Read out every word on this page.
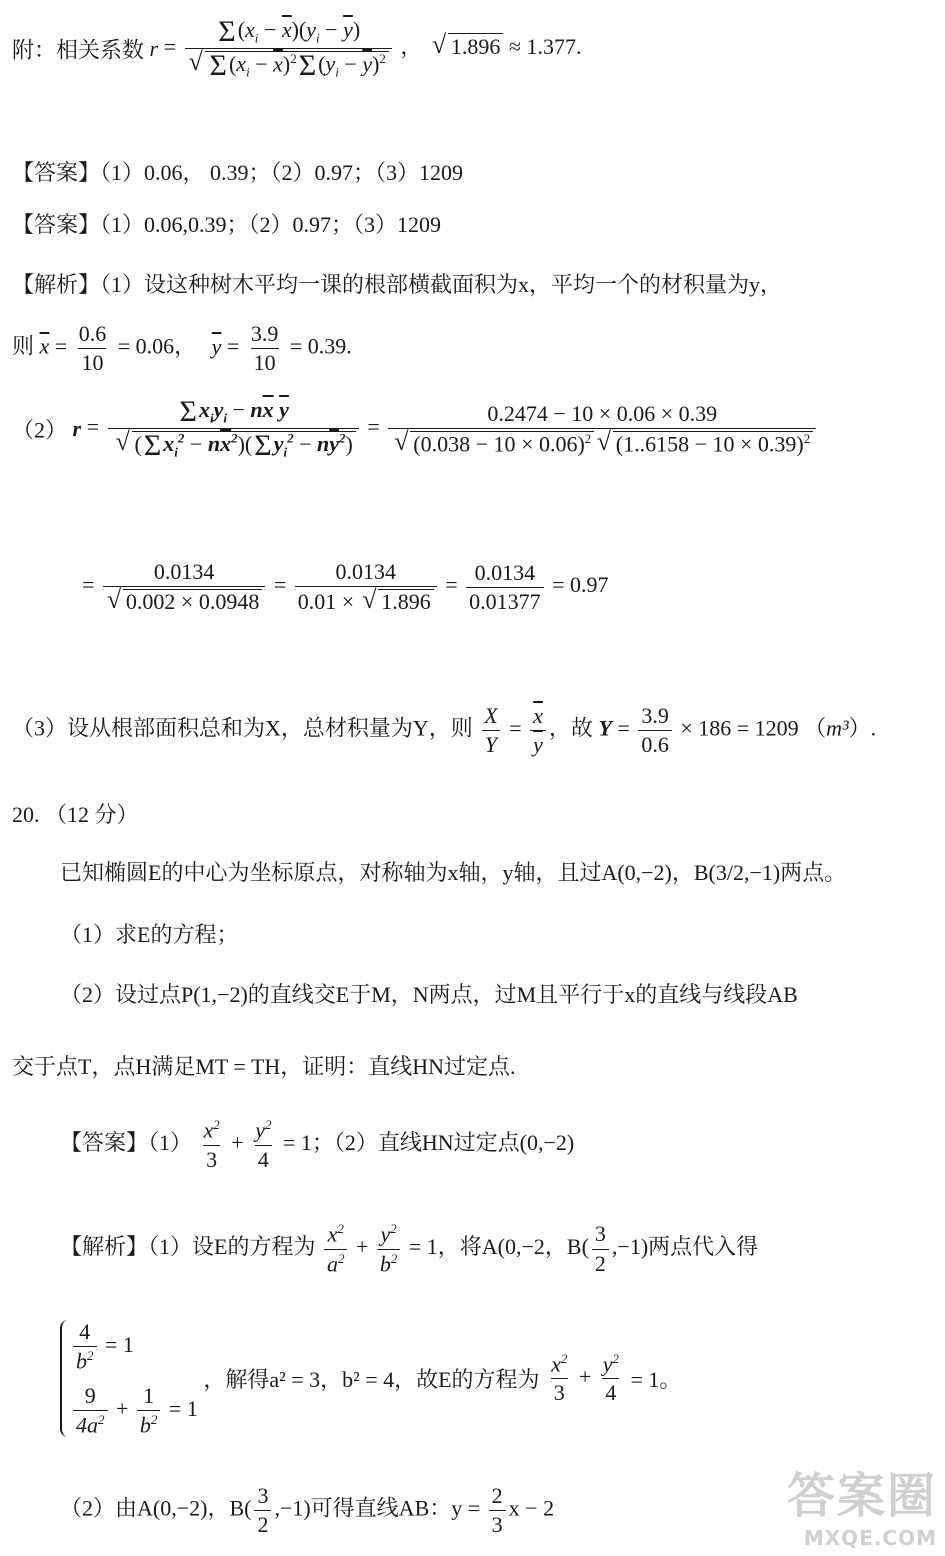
附：相关系数 $r = \Sigma(x_i - \overline{x})(y_i - \overline{y})$
√ $\Sigma(x_i - \overline{x})^2\Sigma(y_i - \overline{y})^2$ ， √ 1.896 ≈ 1.377.
【答案】（1）0.06， 0.39；（2）0.97；（3）1209
【答案】（1）0.06,0.39；（2）0.97；（3）1209
【解析】（1）设这种树木平均一课的根部横截面积为x，平均一个的材积量为y，
则 $\overline{x} = \frac{0.6}{10} = 0.06$， $\overline{y} = \frac{3.9}{10} = 0.39$.
（2） $r = \Sigma x_iy_i - n\overline{x}$ $\overline{y}$
√ $(\Sigma x_i^2 - n\overline{x}^2)(\Sigma y_i^2 - n\overline{y}^2) = 0.2474 - 10 \times 0.06 \times 0.39$
√ $(0.038 - 10 \times 0.06)^2$ √ $(1..6158 - 10 \times 0.39)^2$
= 0.0134
√ $0.002 \times 0.0948 = \frac{0.0134}{0.01 \times √ 1.896} = \frac{0.0134}{0.01377} = 0.97$
（3）设从根部面积总和为X，总材积量为Y，则 $\frac{X}{Y} = \frac{\overline{x}}{y}$ ，故 $Y = \frac{3.9}{0.6} \times 186 = 1209$ （m³）.
20. （12 分）
已知椭圆E的中心为坐标原点，对称轴为x轴，y轴，且过A(0,−2)，B(3/2,−1)两点。
（1）求E的方程；
（2）设过点P(1,−2)的直线交E于M，N两点，过M且平行于x的直线与线段AB
交于点T，点H满足MT = TH，证明：直线HN过定点.
【答案】$(1) \frac{x^2}{3} + \frac{y^2}{4} = 1$；（2）直线HN过定点(0,−2)
【解析】（1）设E的方程为 $\frac{x^2}{a^2} + \frac{y^2}{b^2} = 1$，将A(0,−2，$B( \frac{3}{2} ,-1)$两点代入得
$\frac{4}{b^2} = 1$
$\frac{9}{4a^2} + \frac{1}{b^2} = 1$
，解得a² = 3，b² = 4，故E的方程为 $\frac{x^2}{3} + \frac{y^2}{4} = 1$。
（2）由A(0,−2)，$B( \frac{3}{2} ,-1)$可得直线AB：$y = \frac{2}{3}$ x − 2	答案圈
MXQE.COM
